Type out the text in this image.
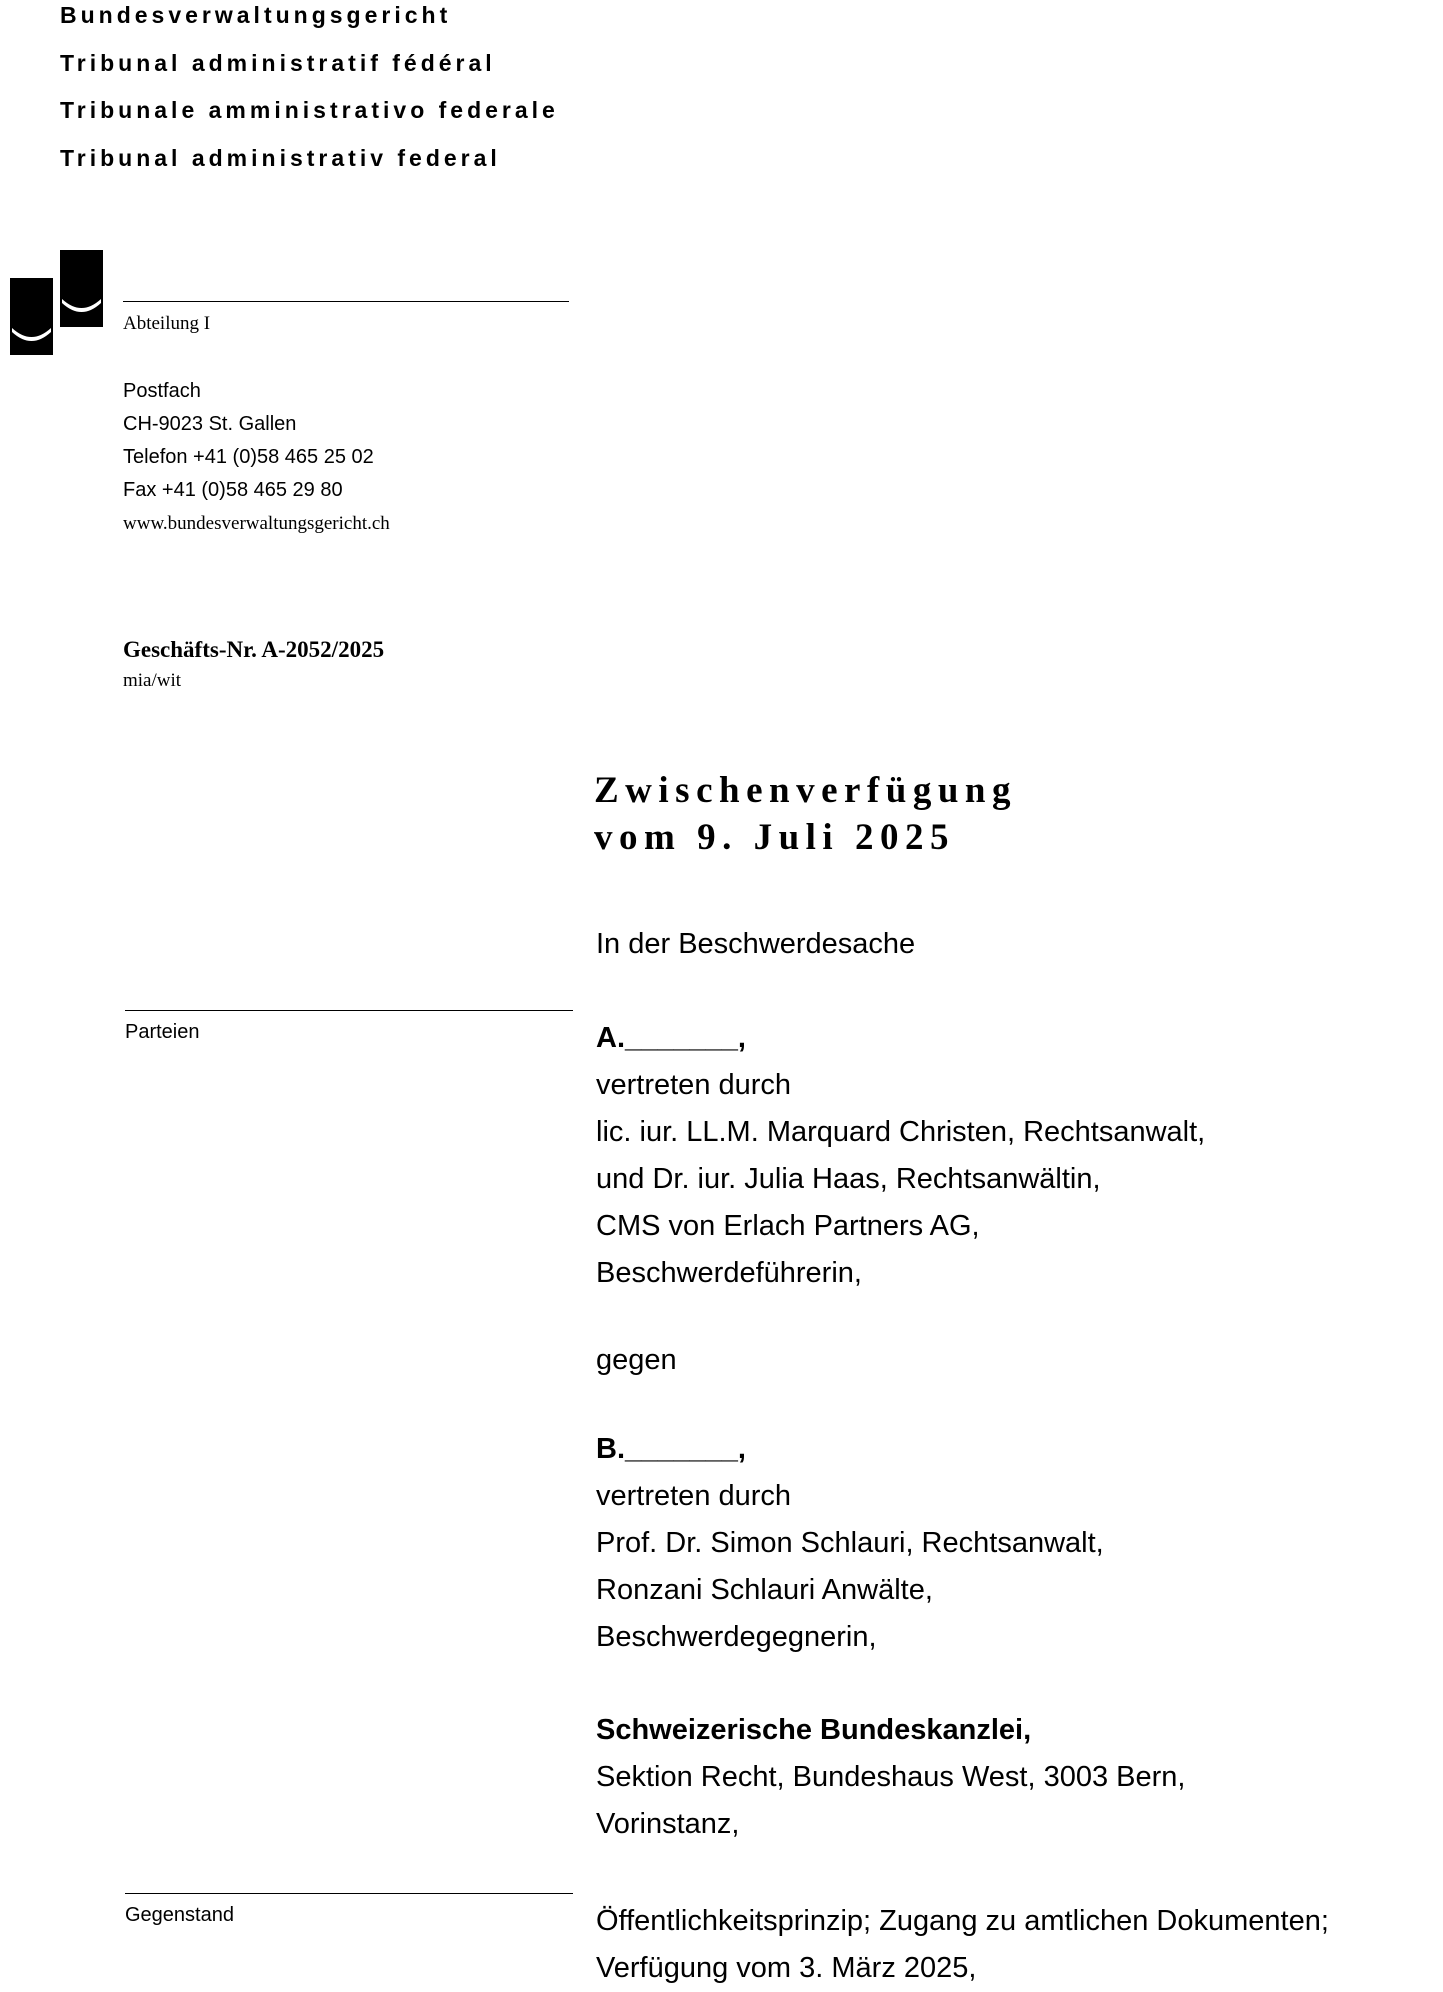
Bundesverwaltungsgericht
Tribunal administratif fédéral
Tribunale amministrativo federale
Tribunal administrativ federal
Abteilung I
Postfach
CH-9023 St. Gallen
Telefon +41 (0)58 465 25 02
Fax +41 (0)58 465 29 80
www.bundesverwaltungsgericht.ch
Geschäfts-Nr. A-2052/2025
mia/wit
Zwischenverfügung
vom 9. Juli 2025
In der Beschwerdesache
Parteien	A._______,
vertreten durch
lic. iur. LL.M. Marquard Christen, Rechtsanwalt,
und Dr. iur. Julia Haas, Rechtsanwältin,
CMS von Erlach Partners AG,
Beschwerdeführerin,
gegen
B._______,
vertreten durch
Prof. Dr. Simon Schlauri, Rechtsanwalt,
Ronzani Schlauri Anwälte,
Beschwerdegegnerin,
Schweizerische Bundeskanzlei,
Sektion Recht, Bundeshaus West, 3003 Bern,
Vorinstanz,
Gegenstand	Öffentlichkeitsprinzip; Zugang zu amtlichen Dokumenten;
Verfügung vom 3. März 2025,
